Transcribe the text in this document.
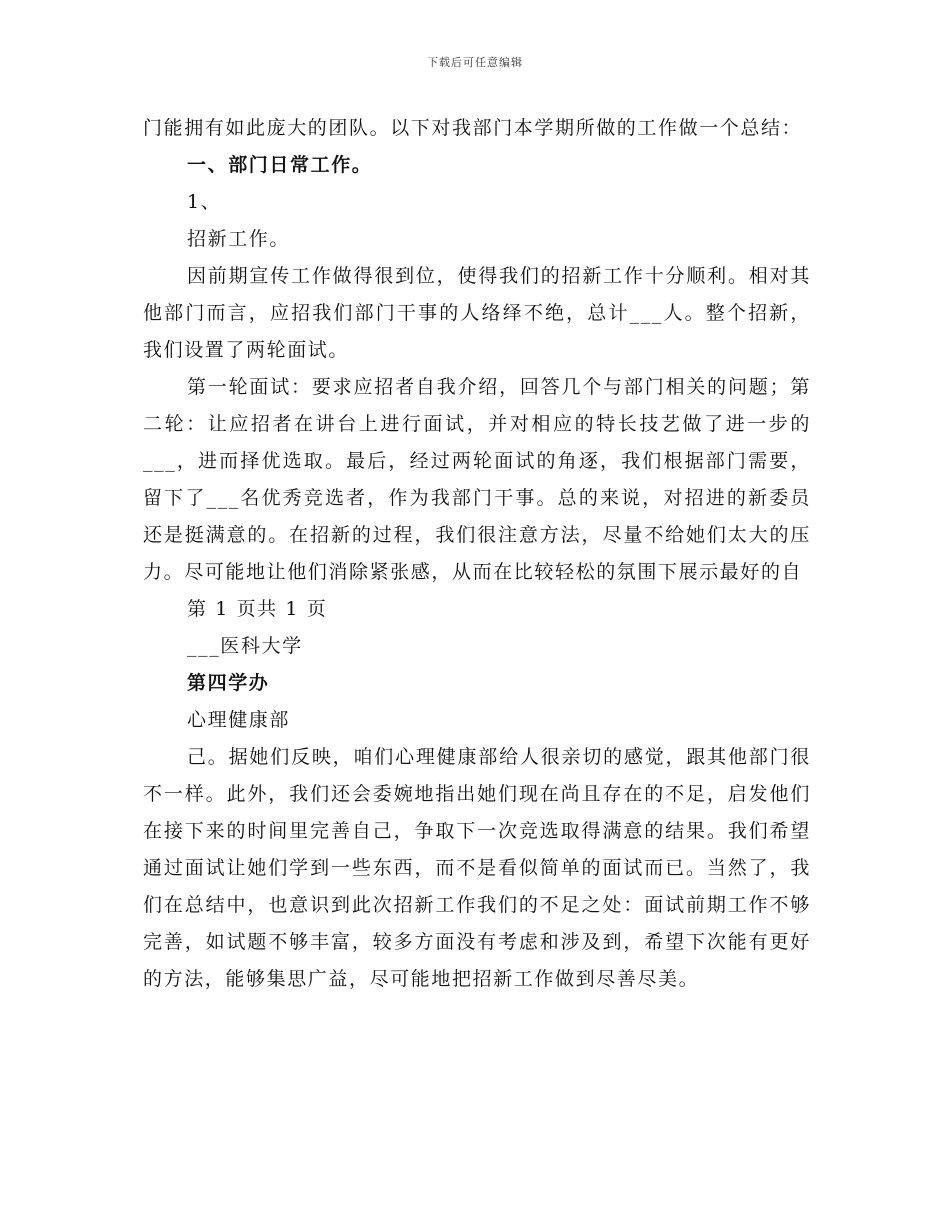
下载后可任意编辑

门能拥有如此庞大的团队。以下对我部门本学期所做的工作做一个总结：

一、部门日常工作。

1、

招新工作。

因前期宣传工作做得很到位，使得我们的招新工作十分顺利。相对其他部门而言，应招我们部门干事的人络绎不绝，总计___人。整个招新，我们设置了两轮面试。

第一轮面试：要求应招者自我介绍，回答几个与部门相关的问题；第二轮：让应招者在讲台上进行面试，并对相应的特长技艺做了进一步的___，进而择优选取。最后，经过两轮面试的角逐，我们根据部门需要，留下了___名优秀竞选者，作为我部门干事。总的来说，对招进的新委员还是挺满意的。在招新的过程，我们很注意方法，尽量不给她们太大的压力。尽可能地让他们消除紧张感，从而在比较轻松的氛围下展示最好的自

第 1 页共 1 页

___医科大学

第四学办

心理健康部

己。据她们反映，咱们心理健康部给人很亲切的感觉，跟其他部门很不一样。此外，我们还会委婉地指出她们现在尚且存在的不足，启发他们在接下来的时间里完善自己，争取下一次竞选取得满意的结果。我们希望通过面试让她们学到一些东西，而不是看似简单的面试而已。当然了，我们在总结中，也意识到此次招新工作我们的不足之处：面试前期工作不够完善，如试题不够丰富，较多方面没有考虑和涉及到，希望下次能有更好的方法，能够集思广益，尽可能地把招新工作做到尽善尽美。
